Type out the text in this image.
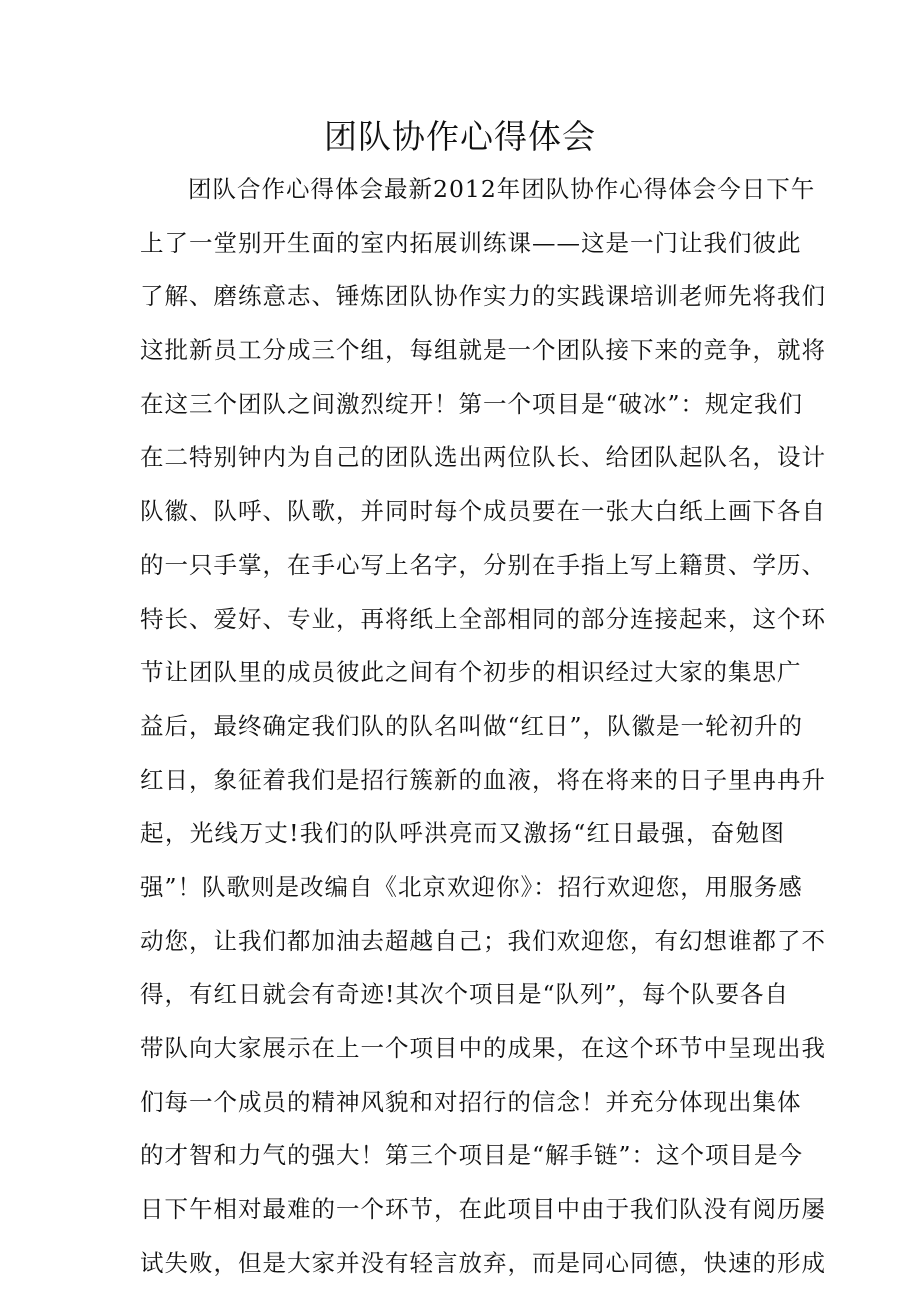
团队协作心得体会
团队合作心得体会最新2012年团队协作心得体会今日下午
上了一堂别开生面的室内拓展训练课——这是一门让我们彼此
了解、磨练意志、锤炼团队协作实力的实践课培训老师先将我们
这批新员工分成三个组，每组就是一个团队接下来的竞争，就将
在这三个团队之间激烈绽开！第一个项目是“破冰”：规定我们
在二特别钟内为自己的团队选出两位队长、给团队起队名，设计
队徽、队呼、队歌，并同时每个成员要在一张大白纸上画下各自
的一只手掌，在手心写上名字，分别在手指上写上籍贯、学历、
特长、爱好、专业，再将纸上全部相同的部分连接起来，这个环
节让团队里的成员彼此之间有个初步的相识经过大家的集思广
益后，最终确定我们队的队名叫做“红日”，队徽是一轮初升的
红日，象征着我们是招行簇新的血液，将在将来的日子里冉冉升
起，光线万丈!我们的队呼洪亮而又激扬“红日最强，奋勉图
强”！队歌则是改编自《北京欢迎你》：招行欢迎您，用服务感
动您，让我们都加油去超越自己；我们欢迎您，有幻想谁都了不
得，有红日就会有奇迹!其次个项目是“队列”，每个队要各自
带队向大家展示在上一个项目中的成果，在这个环节中呈现出我
们每一个成员的精神风貌和对招行的信念！并充分体现出集体
的才智和力气的强大！第三个项目是“解手链”：这个项目是今
日下午相对最难的一个环节，在此项目中由于我们队没有阅历屡
试失败，但是大家并没有轻言放弃，而是同心同德，快速的形成
